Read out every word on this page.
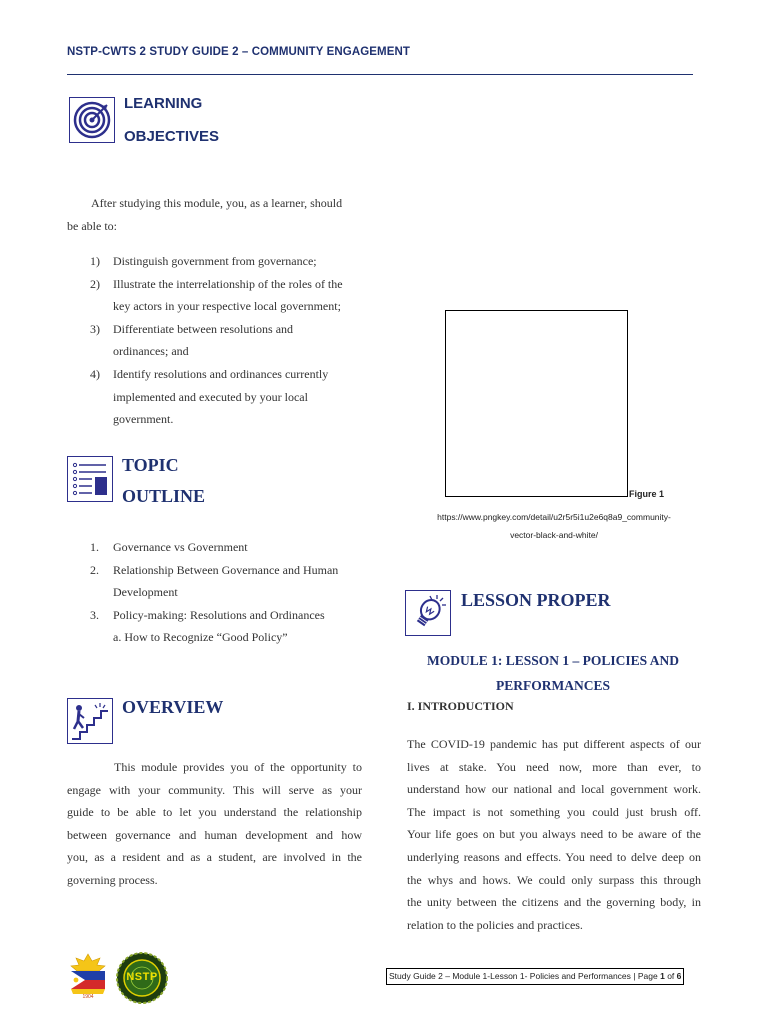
NSTP-CWTS 2 STUDY GUIDE 2 – COMMUNITY ENGAGEMENT
LEARNING
OBJECTIVES
After studying this module, you, as a learner, should
be able to:
1)	Distinguish government from governance;
2)	Illustrate the interrelationship of the roles of the
key actors in your respective local government;
3)	Differentiate between resolutions and
ordinances; and
4)	Identify resolutions and ordinances currently
implemented and executed by your local
government.
TOPIC
OUTLINE
1.	Governance vs Government
2.	Relationship Between Governance and Human
Development
3.	Policy-making: Resolutions and Ordinances
a. How to Recognize “Good Policy”
OVERVIEW
This module provides you of the opportunity to
engage with your community. This will serve as your
guide to be able to let you understand the relationship
between governance and human development and how
you, as a resident and as a student, are involved in the
governing process.
Figure 1
https://www.pngkey.com/detail/u2r5r5i1u2e6q8a9_community-
vector-black-and-white/
LESSON PROPER
MODULE 1: LESSON 1 – POLICIES AND
PERFORMANCES
I. INTRODUCTION
The COVID-19 pandemic has put different aspects of our
lives at stake. You need now, more than ever, to
understand how our national and local government work.
The impact is not something you could just brush off.
Your life goes on but you always need to be aware of the
underlying reasons and effects. You need to delve deep on
the whys and hows. We could only surpass this through
the unity between the citizens and the governing body, in
relation to the policies and practices.
1904
NSTP	Study Guide 2 – Module 1-Lesson 1- Policies and Performances | Page 1 of 6
